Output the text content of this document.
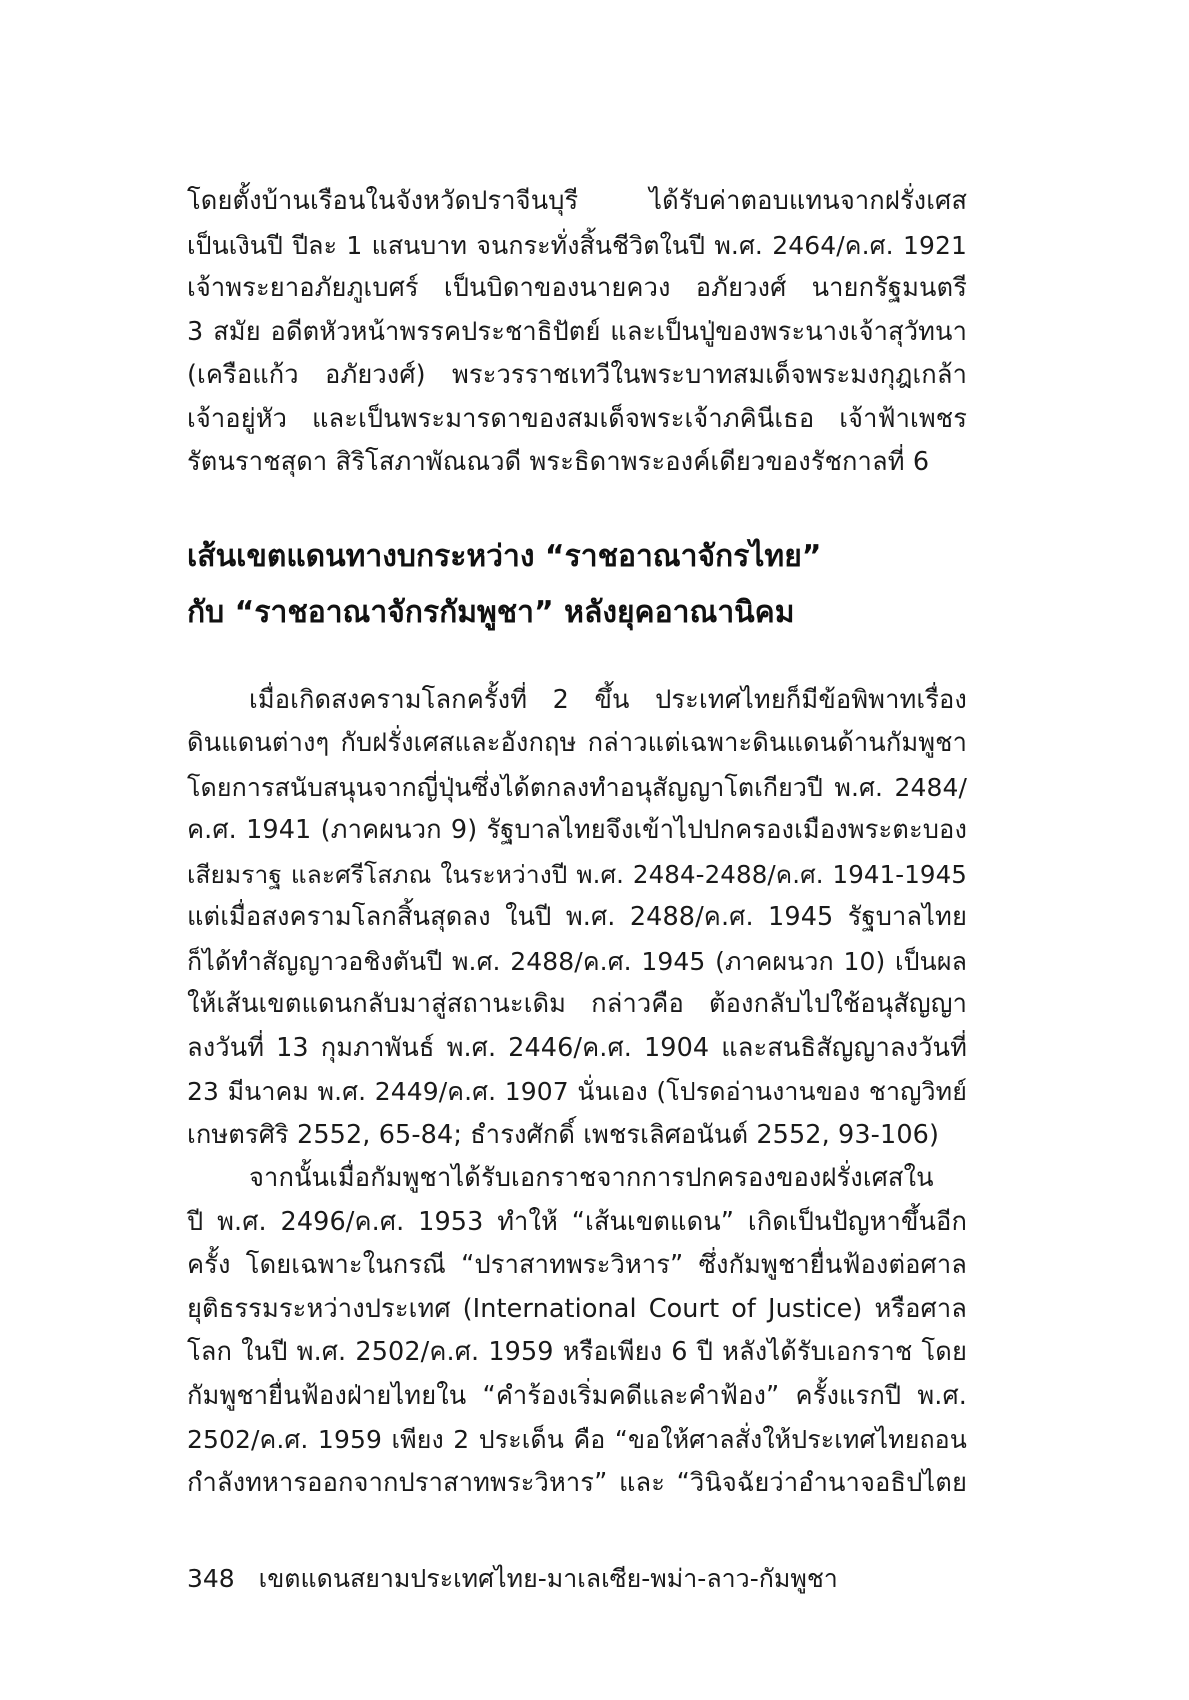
โดยตั้งบ้านเรือนในจังหวัดปราจีนบุรี ได้รับค่าตอบแทนจากฝรั่งเศส
เป็นเงินปี ปีละ 1 แสนบาท จนกระทั่งสิ้นชีวิตในปี พ.ศ. 2464/ค.ศ. 1921
เจ้าพระยาอภัยภูเบศร์ เป็นบิดาของนายควง อภัยวงศ์ นายกรัฐมนตรี
3 สมัย อดีตหัวหน้าพรรคประชาธิปัตย์ และเป็นปู่ของพระนางเจ้าสุวัทนา
(เครือแก้ว อภัยวงศ์) พระวรราชเทวีในพระบาทสมเด็จพระมงกุฎเกล้า
เจ้าอยู่หัว และเป็นพระมารดาของสมเด็จพระเจ้าภคินีเธอ เจ้าฟ้าเพชร
รัตนราชสุดา สิริโสภาพัณณวดี พระธิดาพระองค์เดียวของรัชกาลที่ 6
เส้นเขตแดนทางบกระหว่าง “ราชอาณาจักรไทย”
กับ “ราชอาณาจักรกัมพูชา” หลังยุคอาณานิคม
เมื่อเกิดสงครามโลกครั้งที่ 2 ขึ้น ประเทศไทยก็มีข้อพิพาทเรื่อง
ดินแดนต่างๆ กับฝรั่งเศสและอังกฤษ กล่าวแต่เฉพาะดินแดนด้านกัมพูชา
โดยการสนับสนุนจากญี่ปุ่นซึ่งได้ตกลงทำอนุสัญญาโตเกียวปี พ.ศ. 2484/
ค.ศ. 1941 (ภาคผนวก 9) รัฐบาลไทยจึงเข้าไปปกครองเมืองพระตะบอง
เสียมราฐ และศรีโสภณ ในระหว่างปี พ.ศ. 2484-2488/ค.ศ. 1941-1945
แต่เมื่อสงครามโลกสิ้นสุดลง ในปี พ.ศ. 2488/ค.ศ. 1945 รัฐบาลไทย
ก็ได้ทำสัญญาวอชิงตันปี พ.ศ. 2488/ค.ศ. 1945 (ภาคผนวก 10) เป็นผล
ให้เส้นเขตแดนกลับมาสู่สถานะเดิม กล่าวคือ ต้องกลับไปใช้อนุสัญญา
ลงวันที่ 13 กุมภาพันธ์ พ.ศ. 2446/ค.ศ. 1904 และสนธิสัญญาลงวันที่
23 มีนาคม พ.ศ. 2449/ค.ศ. 1907 นั่นเอง (โปรดอ่านงานของ ชาญวิทย์
เกษตรศิริ 2552, 65-84; ธำรงศักดิ์ เพชรเลิศอนันต์ 2552, 93-106)
จากนั้นเมื่อกัมพูชาได้รับเอกราชจากการปกครองของฝรั่งเศสใน
ปี พ.ศ. 2496/ค.ศ. 1953 ทำให้ “เส้นเขตแดน” เกิดเป็นปัญหาขึ้นอีก
ครั้ง โดยเฉพาะในกรณี “ปราสาทพระวิหาร” ซึ่งกัมพูชายื่นฟ้องต่อศาล
ยุติธรรมระหว่างประเทศ (International Court of Justice) หรือศาล
โลก ในปี พ.ศ. 2502/ค.ศ. 1959 หรือเพียง 6 ปี หลังได้รับเอกราช โดย
กัมพูชายื่นฟ้องฝ่ายไทยใน “คำร้องเริ่มคดีและคำฟ้อง” ครั้งแรกปี พ.ศ.
2502/ค.ศ. 1959 เพียง 2 ประเด็น คือ “ขอให้ศาลสั่งให้ประเทศไทยถอน
กำลังทหารออกจากปราสาทพระวิหาร” และ “วินิจฉัยว่าอำนาจอธิปไตย
348 เขตแดนสยามประเทศไทย-มาเลเซีย-พม่า-ลาว-กัมพูชา
